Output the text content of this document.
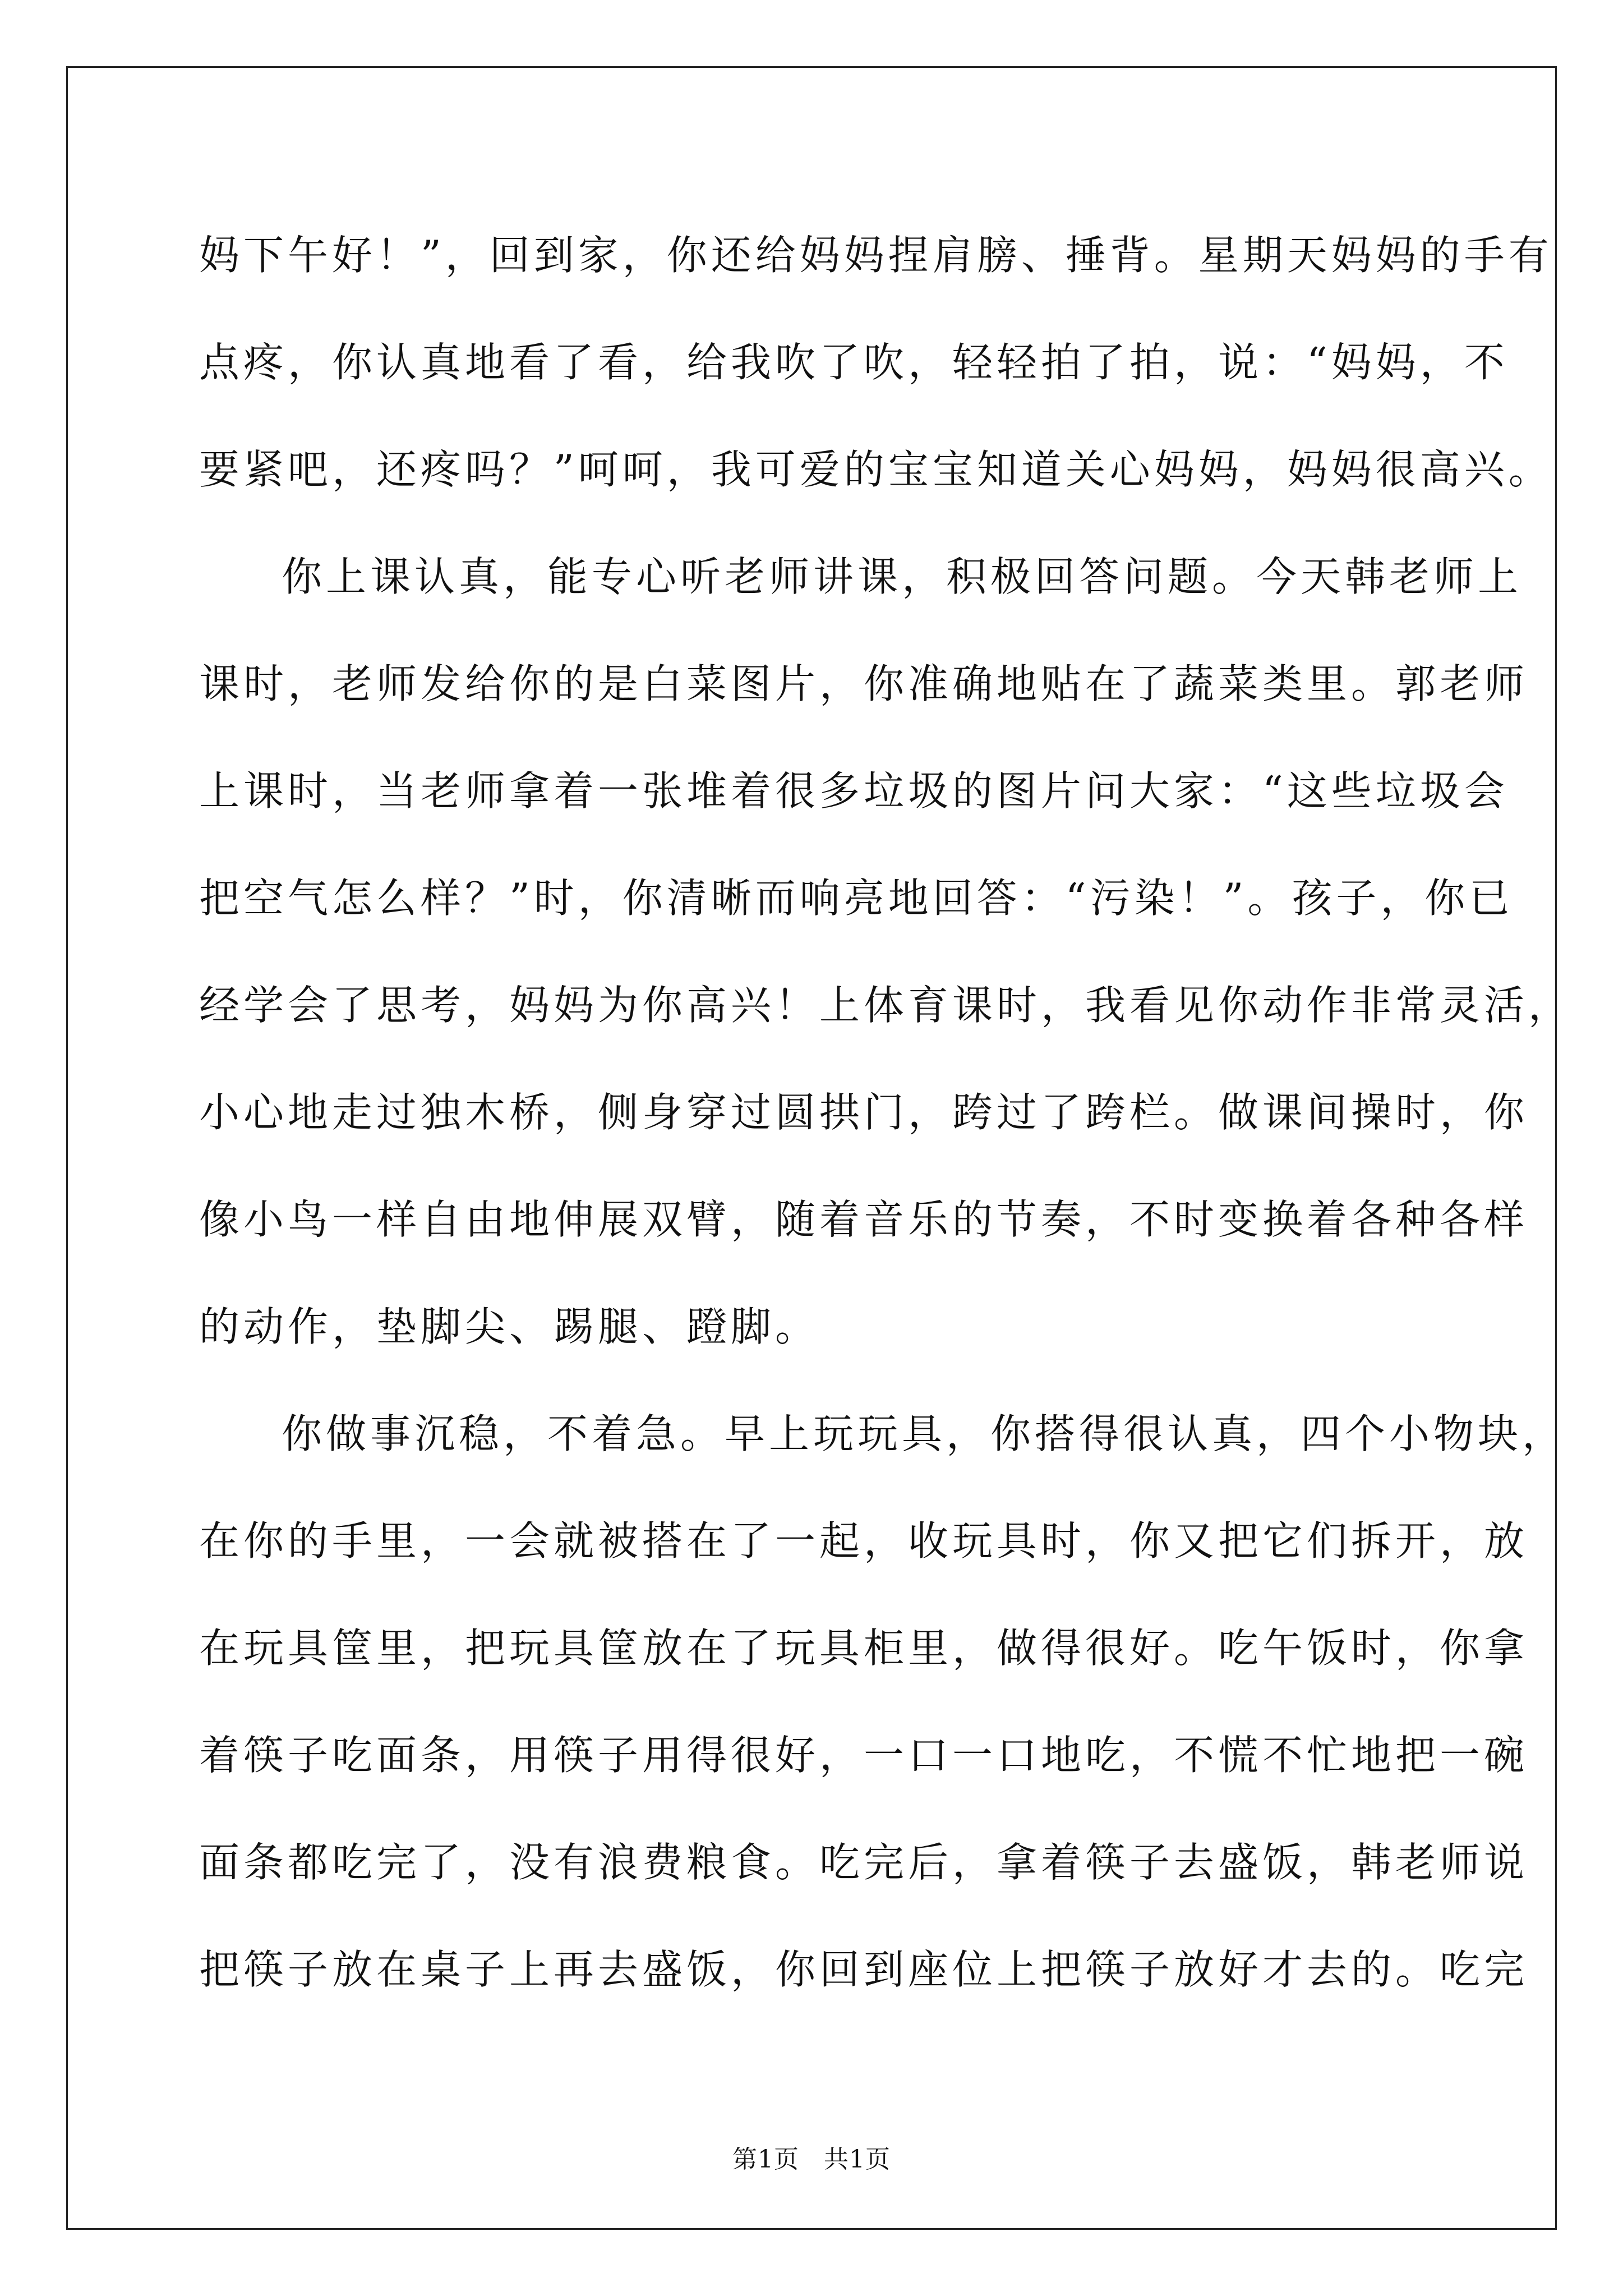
妈下午好！”，回到家，你还给妈妈捏肩膀、捶背。星期天妈妈的手有
点疼，你认真地看了看，给我吹了吹，轻轻拍了拍，说：“妈妈，不
要紧吧，还疼吗？”呵呵，我可爱的宝宝知道关心妈妈，妈妈很高兴。
你上课认真，能专心听老师讲课，积极回答问题。今天韩老师上
课时，老师发给你的是白菜图片，你准确地贴在了蔬菜类里。郭老师
上课时，当老师拿着一张堆着很多垃圾的图片问大家：“这些垃圾会
把空气怎么样？”时，你清晰而响亮地回答：“污染！”。孩子，你已
经学会了思考，妈妈为你高兴！上体育课时，我看见你动作非常灵活，
小心地走过独木桥，侧身穿过圆拱门，跨过了跨栏。做课间操时，你
像小鸟一样自由地伸展双臂，随着音乐的节奏，不时变换着各种各样
的动作，垫脚尖、踢腿、蹬脚。
你做事沉稳，不着急。早上玩玩具，你搭得很认真，四个小物块，
在你的手里，一会就被搭在了一起，收玩具时，你又把它们拆开，放
在玩具筐里，把玩具筐放在了玩具柜里，做得很好。吃午饭时，你拿
着筷子吃面条，用筷子用得很好，一口一口地吃，不慌不忙地把一碗
面条都吃完了，没有浪费粮食。吃完后，拿着筷子去盛饭，韩老师说
把筷子放在桌子上再去盛饭，你回到座位上把筷子放好才去的。吃完
第1页 共1页
